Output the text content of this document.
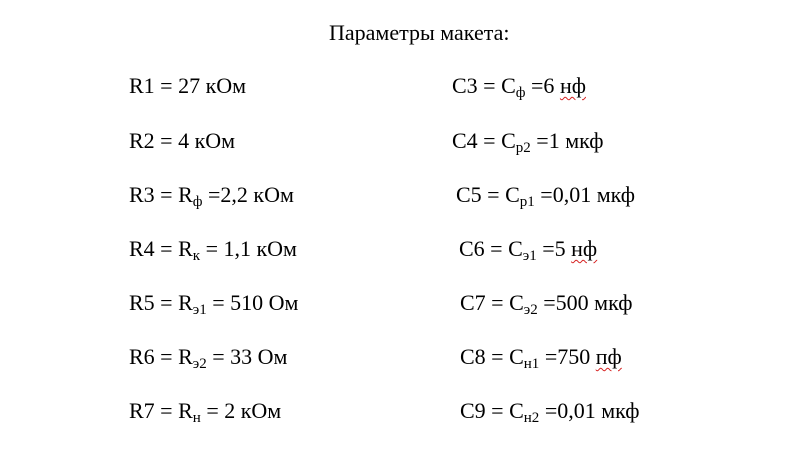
Параметры макета:
R1 = 27 кОм
R2 = 4 кОм
$R3 = R_ф =2,2$ кОм
$R4 = R_к = 1,1$ кОм
$R5 = R_{э1} = 510$ Ом
$R6 = R_{э2} = 33$ Ом
$R7 = R_н = 2$ кОм
$C3 = C_ф =6$ нф
$C4 = C_{р2} =1$ мкф
$C5 = C_{р1} =0,01$ мкф
$C6 = C_{э1} =5$ нф
$C7 = C_{э2} =500$ мкф
$C8 = C_{н1} =750$ пф
$C9 = C_{н2} =0,01$ мкф
